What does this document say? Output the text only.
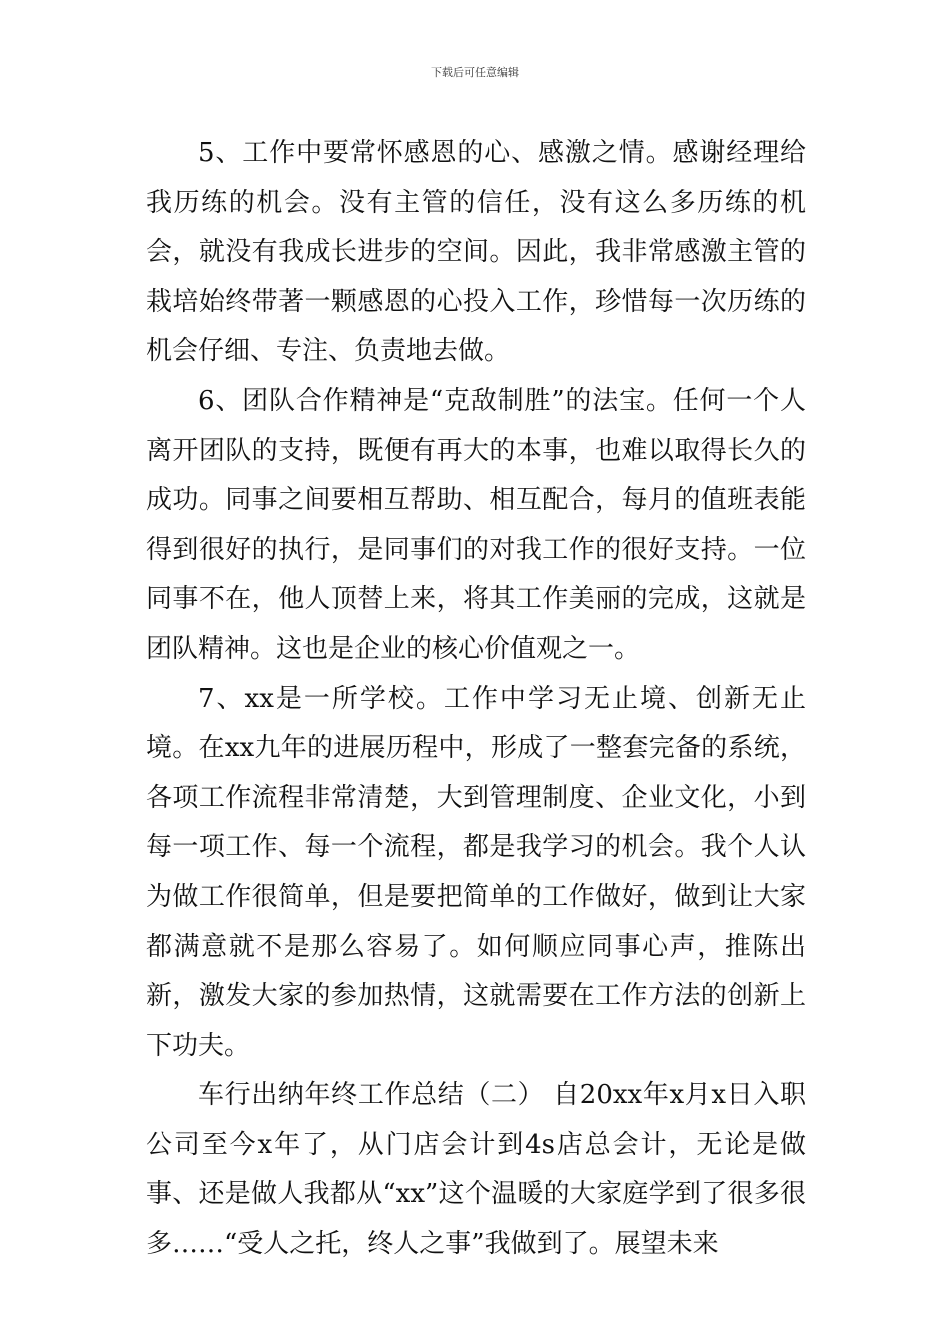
下载后可任意编辑

5、工作中要常怀感恩的心、感激之情。感谢经理给我历练的机会。没有主管的信任，没有这么多历练的机会，就没有我成长进步的空间。因此，我非常感激主管的栽培始终带著一颗感恩的心投入工作，珍惜每一次历练的机会仔细、专注、负责地去做。

6、团队合作精神是“克敌制胜”的法宝。任何一个人离开团队的支持，既便有再大的本事，也难以取得长久的成功。同事之间要相互帮助、相互配合，每月的值班表能得到很好的执行，是同事们的对我工作的很好支持。一位同事不在，他人顶替上来，将其工作美丽的完成，这就是团队精神。这也是企业的核心价值观之一。

7、xx是一所学校。工作中学习无止境、创新无止境。在xx九年的进展历程中，形成了一整套完备的系统，各项工作流程非常清楚，大到管理制度、企业文化，小到每一项工作、每一个流程，都是我学习的机会。我个人认为做工作很简单，但是要把简单的工作做好，做到让大家都满意就不是那么容易了。如何顺应同事心声，推陈出新，激发大家的参加热情，这就需要在工作方法的创新上下功夫。

车行出纳年终工作总结（二） 自20xx年x月x日入职公司至今x年了，从门店会计到4s店总会计，无论是做事、还是做人我都从“xx”这个温暖的大家庭学到了很多很多……“受人之托，终人之事”我做到了。展望未来
